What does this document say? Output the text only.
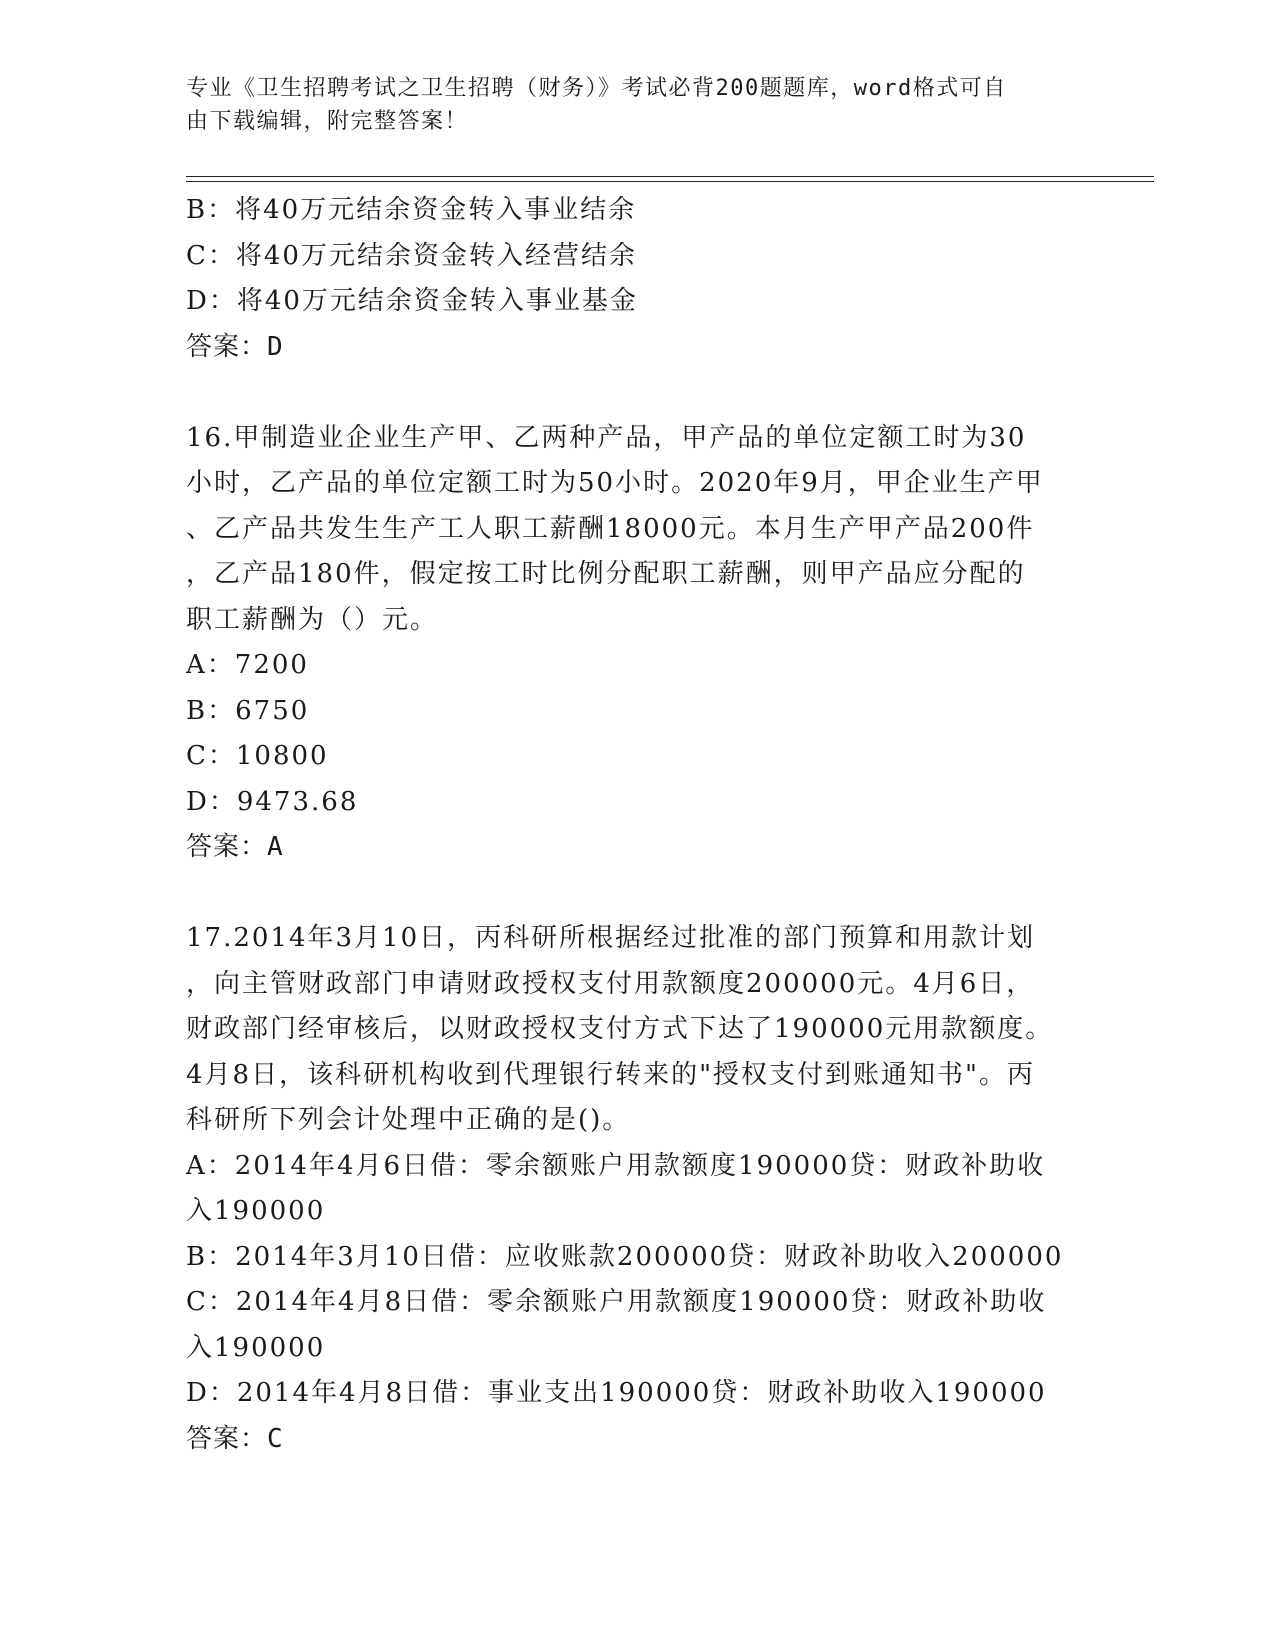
专业《卫生招聘考试之卫生招聘（财务）》考试必背200题题库，word格式可自
由下载编辑，附完整答案！
B：将40万元结余资金转入事业结余
C：将40万元结余资金转入经营结余
D：将40万元结余资金转入事业基金
答案：D
16.甲制造业企业生产甲、乙两种产品，甲产品的单位定额工时为30
小时，乙产品的单位定额工时为50小时。2020年9月，甲企业生产甲
、乙产品共发生生产工人职工薪酬18000元。本月生产甲产品200件
，乙产品180件，假定按工时比例分配职工薪酬，则甲产品应分配的
职工薪酬为（）元。
A：7200
B：6750
C：10800
D：9473.68
答案：A
17.2014年3月10日，丙科研所根据经过批准的部门预算和用款计划
，向主管财政部门申请财政授权支付用款额度200000元。4月6日，
财政部门经审核后，以财政授权支付方式下达了190000元用款额度。
4月8日，该科研机构收到代理银行转来的"授权支付到账通知书"。丙
科研所下列会计处理中正确的是()。
A：2014年4月6日借：零余额账户用款额度190000贷：财政补助收
入190000
B：2014年3月10日借：应收账款200000贷：财政补助收入200000
C：2014年4月8日借：零余额账户用款额度190000贷：财政补助收
入190000
D：2014年4月8日借：事业支出190000贷：财政补助收入190000
答案：C
